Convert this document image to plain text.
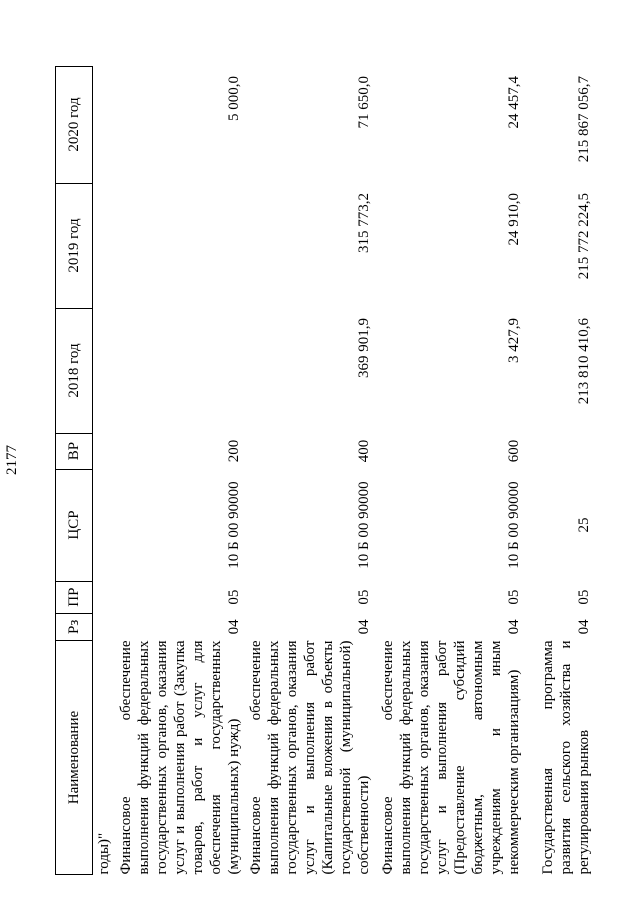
2177
Наименование	Рз	ПР	ЦСР	ВР	2018 год	2019 год	2020 год
годы)"							
Финансовое обеспечение выполнения функций федеральных государственных органов, оказания услуг и выполнения работ (Закупка товаров, работ и услуг для обеспечения государственных (муниципальных) нужд)	04	05	10 Б 00 90000	200			5 000,0
Финансовое обеспечение выполнения функций федеральных государственных органов, оказания услуг и выполнения работ (Капитальные вложения в объекты государственной (муниципальной) собственности)	04	05	10 Б 00 90000	400	369 901,9	315 773,2	71 650,0
Финансовое обеспечение выполнения функций федеральных государственных органов, оказания услуг и выполнения работ (Предоставление субсидий бюджетным, автономным учреждениям и иным некоммерческим организациям)	04	05	10 Б 00 90000	600	3 427,9	24 910,0	24 457,4
Государственная программа развития сельского хозяйства и регулирования рынков	04	05	25		213 810 410,6	215 772 224,5	215 867 056,7
